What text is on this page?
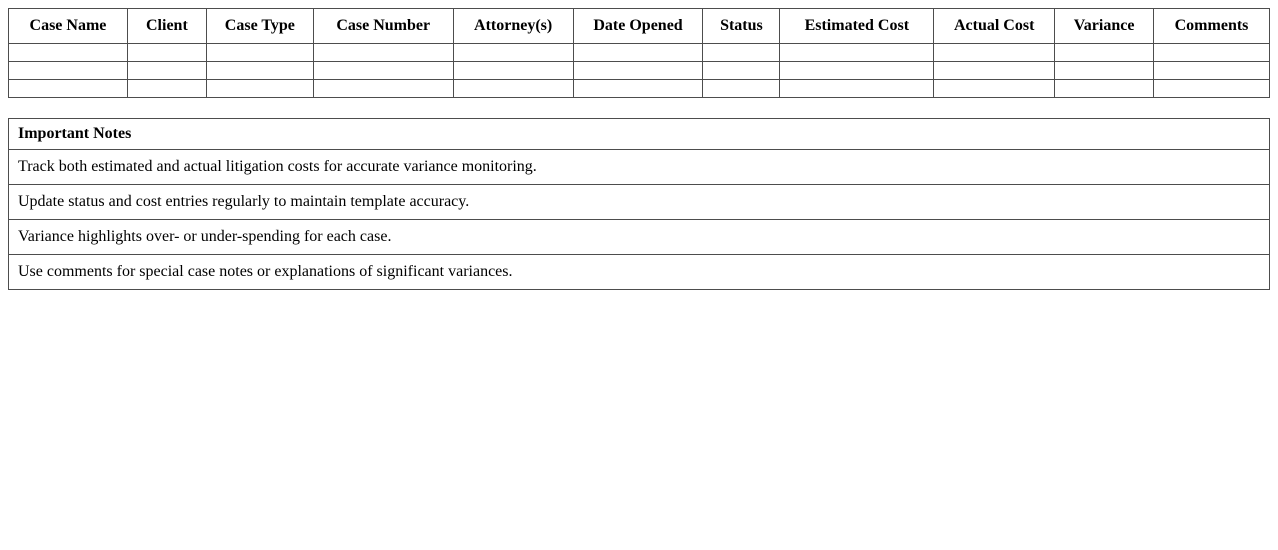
Case Name	Client	Case Type	Case Number	Attorney(s)	Date Opened	Status	Estimated Cost	Actual Cost	Variance	Comments

Important Notes
Track both estimated and actual litigation costs for accurate variance monitoring.
Update status and cost entries regularly to maintain template accuracy.
Variance highlights over- or under-spending for each case.
Use comments for special case notes or explanations of significant variances.
